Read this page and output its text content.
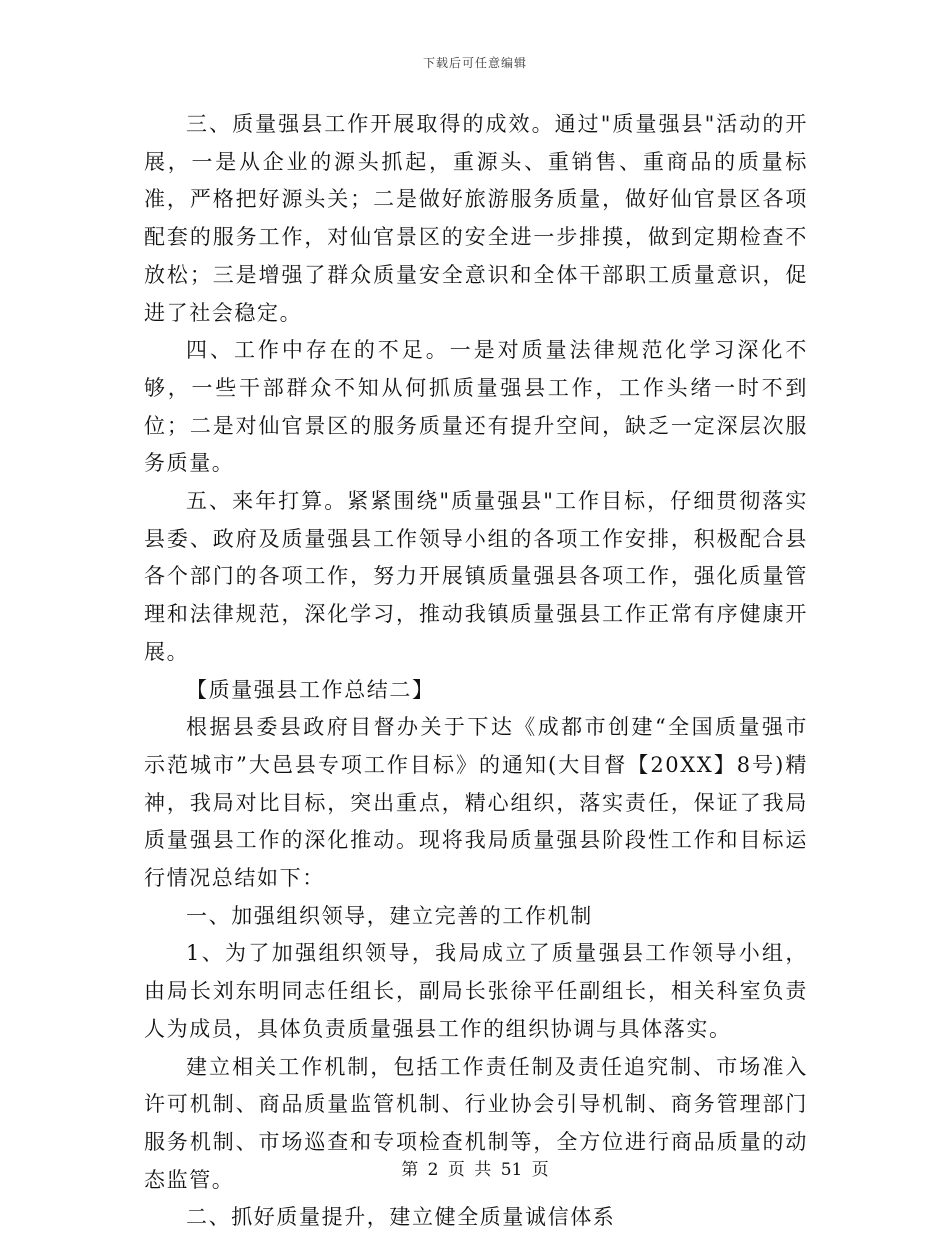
下载后可任意编辑

三、质量强县工作开展取得的成效。通过"质量强县"活动的开展，一是从企业的源头抓起，重源头、重销售、重商品的质量标准，严格把好源头关；二是做好旅游服务质量，做好仙官景区各项配套的服务工作，对仙官景区的安全进一步排摸，做到定期检查不放松；三是增强了群众质量安全意识和全体干部职工质量意识，促进了社会稳定。

四、工作中存在的不足。一是对质量法律规范化学习深化不够，一些干部群众不知从何抓质量强县工作，工作头绪一时不到位；二是对仙官景区的服务质量还有提升空间，缺乏一定深层次服务质量。

五、来年打算。紧紧围绕"质量强县"工作目标，仔细贯彻落实县委、政府及质量强县工作领导小组的各项工作安排，积极配合县各个部门的各项工作，努力开展镇质量强县各项工作，强化质量管理和法律规范，深化学习，推动我镇质量强县工作正常有序健康开展。

【质量强县工作总结二】

根据县委县政府目督办关于下达《成都市创建“全国质量强市示范城市”大邑县专项工作目标》的通知(大目督【20XX】8号)精神，我局对比目标，突出重点，精心组织，落实责任，保证了我局质量强县工作的深化推动。现将我局质量强县阶段性工作和目标运行情况总结如下：

一、加强组织领导，建立完善的工作机制

1、为了加强组织领导，我局成立了质量强县工作领导小组，由局长刘东明同志任组长，副局长张徐平任副组长，相关科室负责人为成员，具体负责质量强县工作的组织协调与具体落实。

建立相关工作机制，包括工作责任制及责任追究制、市场准入许可机制、商品质量监管机制、行业协会引导机制、商务管理部门服务机制、市场巡查和专项检查机制等，全方位进行商品质量的动态监管。

二、抓好质量提升，建立健全质量诚信体系

第 2 页 共 51 页
